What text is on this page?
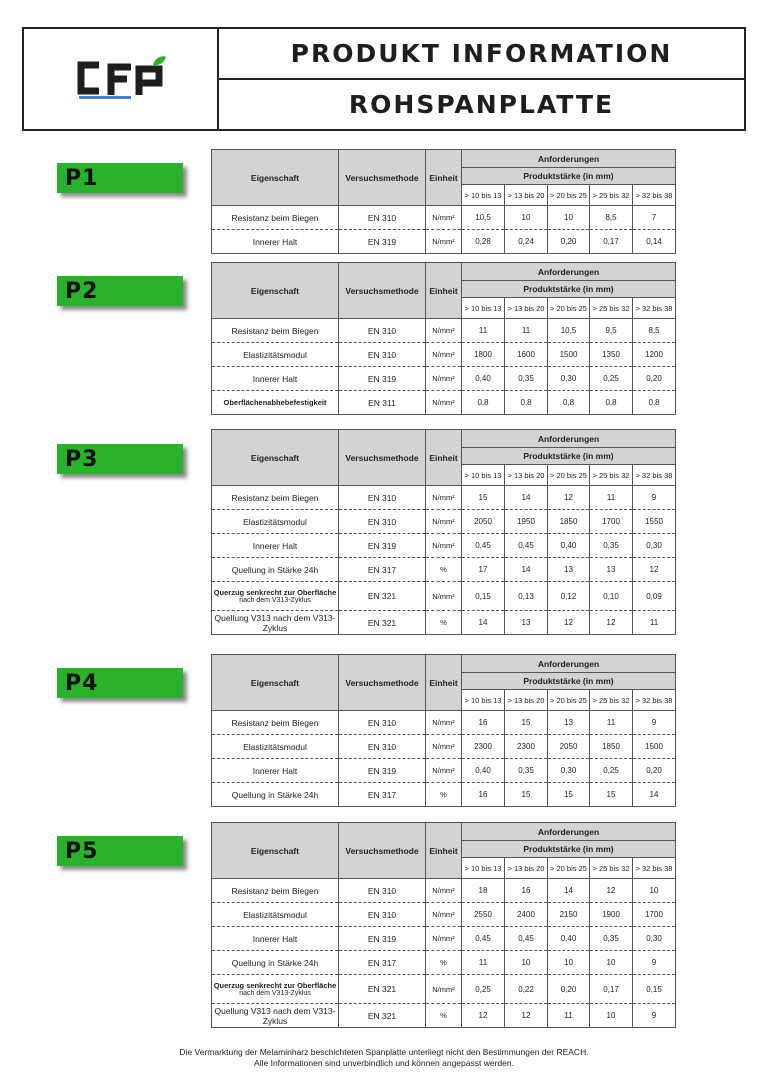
PRODUKT INFORMATION
ROHSPANPLATTE
P1	Eigenschaft	Versuchsmethode	Einheit	Anforderungen				
			Produktstärke (in mm)				
			> 10 bis 13	> 13 bis 20	> 20 bis 25	> 25 bis 32	> 32 bis 38
Resistanz beim Biegen	EN 310	N/mm²	10,5	10	10	8,5	7
Innerer Halt	EN 319	N/mm²	0,28	0,24	0,20	0,17	0,14
P2	Eigenschaft	Versuchsmethode	Einheit	Anforderungen				
			Produktstärke (in mm)				
			> 10 bis 13	> 13 bis 20	> 20 bis 25	> 25 bis 32	> 32 bis 38
Resistanz beim Biegen	EN 310	N/mm²	11	11	10,5	9,5	8,5
Elastizitätsmodul	EN 310	N/mm²	1800	1600	1500	1350	1200
Innerer Halt	EN 319	N/mm²	0,40	0,35	0,30	0,25	0,20
Oberflächenabhebefestigkeit	EN 311	N/mm²	0,8	0,8	0,8	0,8	0,8
P3	Eigenschaft	Versuchsmethode	Einheit	Anforderungen				
			Produktstärke (in mm)				
			> 10 bis 13	> 13 bis 20	> 20 bis 25	> 25 bis 32	> 32 bis 38
Resistanz beim Biegen	EN 310	N/mm²	15	14	12	11	9
Elastizitätsmodul	EN 310	N/mm²	2050	1950	1850	1700	1550
Innerer Halt	EN 319	N/mm²	0,45	0,45	0,40	0,35	0,30
Quellung in Stärke 24h	EN 317	%	17	14	13	13	12
Querzug senkrecht zur Oberfläche
nach dem V313-Zyklus	EN 321	N/mm²	0,15	0,13	0,12	0,10	0,09
Quellung V313 nach dem V313-Zyklus	EN 321	%	14	13	12	12	11
P4	Eigenschaft	Versuchsmethode	Einheit	Anforderungen				
			Produktstärke (in mm)				
			> 10 bis 13	> 13 bis 20	> 20 bis 25	> 25 bis 32	> 32 bis 38
Resistanz beim Biegen	EN 310	N/mm²	16	15	13	11	9
Elastizitätsmodul	EN 310	N/mm²	2300	2300	2050	1850	1500
Innerer Halt	EN 319	N/mm²	0,40	0,35	0,30	0,25	0,20
Quellung in Stärke 24h	EN 317	%	16	15	15	15	14
P5	Eigenschaft	Versuchsmethode	Einheit	Anforderungen				
			Produktstärke (in mm)				
			> 10 bis 13	> 13 bis 20	> 20 bis 25	> 25 bis 32	> 32 bis 38
Resistanz beim Biegen	EN 310	N/mm²	18	16	14	12	10
Elastizitätsmodul	EN 310	N/mm²	2550	2400	2150	1900	1700
Innerer Halt	EN 319	N/mm²	0,45	0,45	0,40	0,35	0,30
Quellung in Stärke 24h	EN 317	%	11	10	10	10	9
Querzug senkrecht zur Oberfläche
nach dem V313-Zyklus	EN 321	N/mm²	0,25	0,22	0,20	0,17	0,15
Quellung V313 nach dem V313-Zyklus	EN 321	%	12	12	11	10	9
Die Vermarktung der Melaminharz beschichteten Spanplatte unterliegt nicht den Bestimmungen der REACH.
Alle Informationen sind unverbindlich und können angepasst werden.
